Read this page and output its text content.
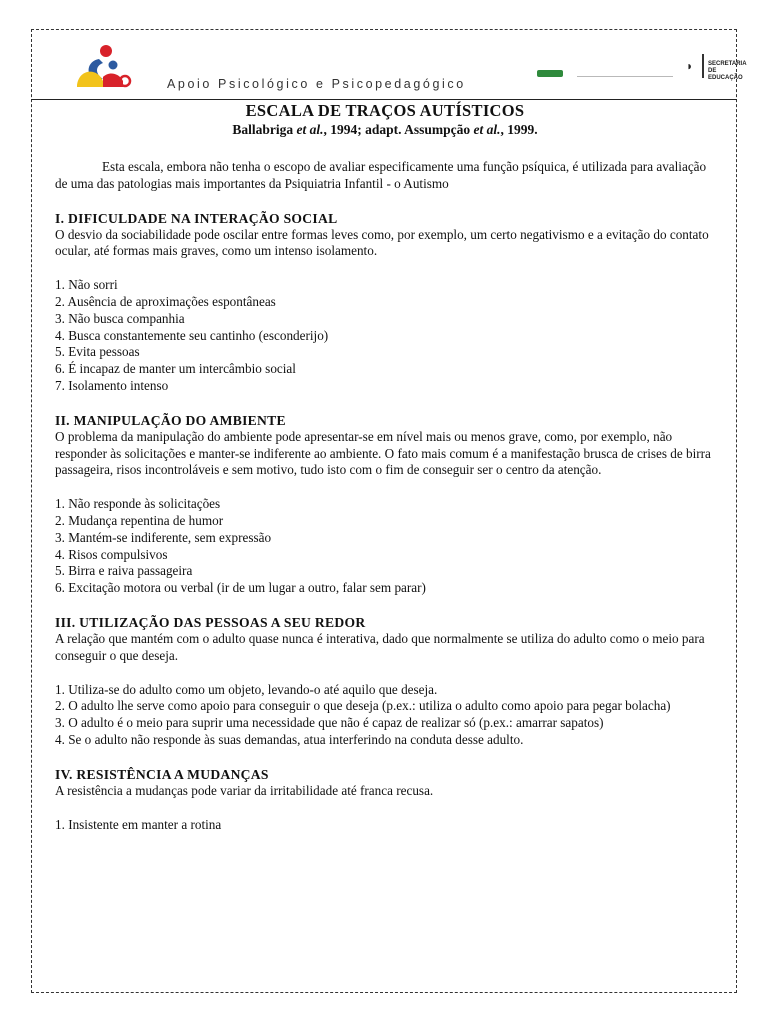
Apoio Psicológico e Psicopedagógico
◗ SECRETARIA
DE EDUCAÇÃO
ESCALA DE TRAÇOS AUTÍSTICOS

Ballabriga et al., 1994; adapt. Assumpção et al., 1999.

Esta escala, embora não tenha o escopo de avaliar especificamente uma função psíquica, é utilizada para avaliação de uma das patologias mais importantes da Psiquiatria Infantil - o Autismo

I. DIFICULDADE NA INTERAÇÃO SOCIAL

O desvio da sociabilidade pode oscilar entre formas leves como, por exemplo, um certo negativismo e a evitação do contato ocular, até formas mais graves, como um intenso isolamento.

1. Não sorri
2. Ausência de aproximações espontâneas
3. Não busca companhia
4. Busca constantemente seu cantinho (esconderijo)
5. Evita pessoas
6. É incapaz de manter um intercâmbio social
7. Isolamento intenso
II. MANIPULAÇÃO DO AMBIENTE

O problema da manipulação do ambiente pode apresentar-se em nível mais ou menos grave, como, por exemplo, não responder às solicitações e manter-se indiferente ao ambiente. O fato mais comum é a manifestação brusca de crises de birra passageira, risos incontroláveis e sem motivo, tudo isto com o fim de conseguir ser o centro da atenção.

1. Não responde às solicitações
2. Mudança repentina de humor
3. Mantém-se indiferente, sem expressão
4. Risos compulsivos
5. Birra e raiva passageira
6. Excitação motora ou verbal (ir de um lugar a outro, falar sem parar)
III. UTILIZAÇÃO DAS PESSOAS A SEU REDOR

A relação que mantém com o adulto quase nunca é interativa, dado que normalmente se utiliza do adulto como o meio para conseguir o que deseja.

1. Utiliza-se do adulto como um objeto, levando-o até aquilo que deseja.
2. O adulto lhe serve como apoio para conseguir o que deseja (p.ex.: utiliza o adulto como apoio para pegar bolacha)
3. O adulto é o meio para suprir uma necessidade que não é capaz de realizar só (p.ex.: amarrar sapatos)
4. Se o adulto não responde às suas demandas, atua interferindo na conduta desse adulto.
IV. RESISTÊNCIA A MUDANÇAS

A resistência a mudanças pode variar da irritabilidade até franca recusa.

1. Insistente em manter a rotina
